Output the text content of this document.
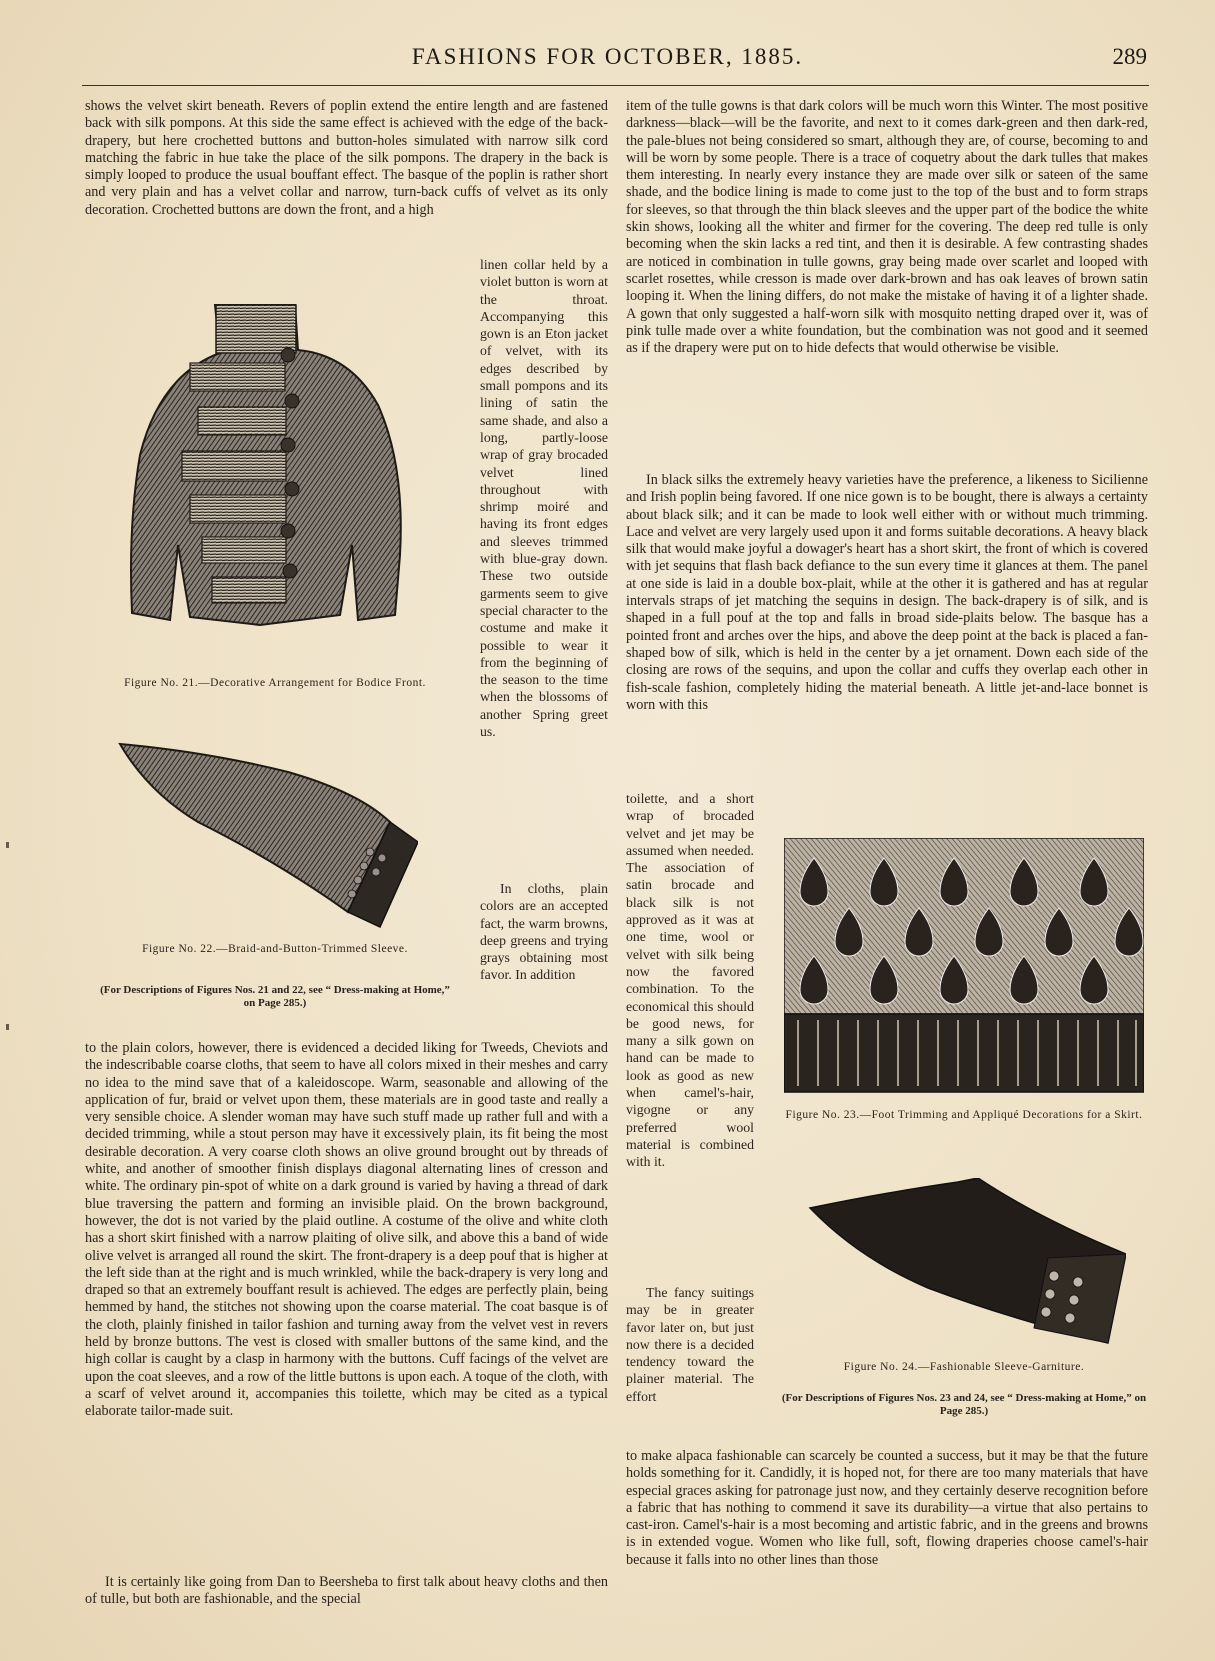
FASHIONS FOR OCTOBER, 1885.	289

shows the velvet skirt beneath. Revers of poplin extend the entire length and are fastened back with silk pompons. At this side the same effect is achieved with the edge of the back-drapery, but here crochetted buttons and button-holes simulated with narrow silk cord matching the fabric in hue take the place of the silk pompons. The drapery in the back is simply looped to produce the usual bouffant effect. The basque of the poplin is rather short and very plain and has a velvet collar and narrow, turn-back cuffs of velvet as its only decoration. Crochetted buttons are down the front, and a high

linen collar held by a violet button is worn at the throat. Accompanying this gown is an Eton jacket of velvet, with its edges described by small pompons and its lining of satin the same shade, and also a long, partly-loose wrap of gray brocaded velvet lined throughout with shrimp moiré and having its front edges and sleeves trimmed with blue-gray down. These two outside garments seem to give special character to the costume and make it possible to wear it from the beginning of the season to the time when the blossoms of another Spring greet us.

In cloths, plain colors are an accepted fact, the warm browns, deep greens and trying grays obtaining most favor. In addition

Figure No. 21.—Decorative Arrangement for Bodice Front.
Figure No. 22.—Braid-and-Button-Trimmed Sleeve.
(For Descriptions of Figures Nos. 21 and 22, see “ Dress-making at Home,” on Page 285.)

to the plain colors, however, there is evidenced a decided liking for Tweeds, Cheviots and the indescribable coarse cloths, that seem to have all colors mixed in their meshes and carry no idea to the mind save that of a kaleidoscope. Warm, seasonable and allowing of the application of fur, braid or velvet upon them, these materials are in good taste and really a very sensible choice. A slender woman may have such stuff made up rather full and with a decided trimming, while a stout person may have it excessively plain, its fit being the most desirable decoration. A very coarse cloth shows an olive ground brought out by threads of white, and another of smoother finish displays diagonal alternating lines of cresson and white. The ordinary pin-spot of white on a dark ground is varied by having a thread of dark blue traversing the pattern and forming an invisible plaid. On the brown background, however, the dot is not varied by the plaid outline. A costume of the olive and white cloth has a short skirt finished with a narrow plaiting of olive silk, and above this a band of wide olive velvet is arranged all round the skirt. The front-drapery is a deep pouf that is higher at the left side than at the right and is much wrinkled, while the back-drapery is very long and draped so that an extremely bouffant result is achieved. The edges are perfectly plain, being hemmed by hand, the stitches not showing upon the coarse material. The coat basque is of the cloth, plainly finished in tailor fashion and turning away from the velvet vest in revers held by bronze buttons. The vest is closed with smaller buttons of the same kind, and the high collar is caught by a clasp in harmony with the buttons. Cuff facings of the velvet are upon the coat sleeves, and a row of the little buttons is upon each. A toque of the cloth, with a scarf of velvet around it, accompanies this toilette, which may be cited as a typical elaborate tailor-made suit.

It is certainly like going from Dan to Beersheba to first talk about heavy cloths and then of tulle, but both are fashionable, and the special

item of the tulle gowns is that dark colors will be much worn this Winter. The most positive darkness—black—will be the favorite, and next to it comes dark-green and then dark-red, the pale-blues not being considered so smart, although they are, of course, becoming to and will be worn by some people. There is a trace of coquetry about the dark tulles that makes them interesting. In nearly every instance they are made over silk or sateen of the same shade, and the bodice lining is made to come just to the top of the bust and to form straps for sleeves, so that through the thin black sleeves and the upper part of the bodice the white skin shows, looking all the whiter and firmer for the covering. The deep red tulle is only becoming when the skin lacks a red tint, and then it is desirable. A few contrasting shades are noticed in combination in tulle gowns, gray being made over scarlet and looped with scarlet rosettes, while cresson is made over dark-brown and has oak leaves of brown satin looping it. When the lining differs, do not make the mistake of having it of a lighter shade. A gown that only suggested a half-worn silk with mosquito netting draped over it, was of pink tulle made over a white foundation, but the combination was not good and it seemed as if the drapery were put on to hide defects that would otherwise be visible.

In black silks the extremely heavy varieties have the preference, a likeness to Sicilienne and Irish poplin being favored. If one nice gown is to be bought, there is always a certainty about black silk; and it can be made to look well either with or without much trimming. Lace and velvet are very largely used upon it and forms suitable decorations. A heavy black silk that would make joyful a dowager's heart has a short skirt, the front of which is covered with jet sequins that flash back defiance to the sun every time it glances at them. The panel at one side is laid in a double box-plait, while at the other it is gathered and has at regular intervals straps of jet matching the sequins in design. The back-drapery is of silk, and is shaped in a full pouf at the top and falls in broad side-plaits below. The basque has a pointed front and arches over the hips, and above the deep point at the back is placed a fan-shaped bow of silk, which is held in the center by a jet ornament. Down each side of the closing are rows of the sequins, and upon the collar and cuffs they overlap each other in fish-scale fashion, completely hiding the material beneath. A little jet-and-lace bonnet is worn with this

toilette, and a short wrap of brocaded velvet and jet may be assumed when needed. The association of satin brocade and black silk is not approved as it was at one time, wool or velvet with silk being now the favored combination. To the economical this should be good news, for many a silk gown on hand can be made to look as good as new when camel's-hair, vigogne or any preferred wool material is combined with it.

The fancy suitings may be in greater favor later on, but just now there is a decided tendency toward the plainer material. The effort

Figure No. 23.—Foot Trimming and Appliqué Decorations for a Skirt.
Figure No. 24.—Fashionable Sleeve-Garniture.
(For Descriptions of Figures Nos. 23 and 24, see “ Dress-making at Home,” on Page 285.)

to make alpaca fashionable can scarcely be counted a success, but it may be that the future holds something for it. Candidly, it is hoped not, for there are too many materials that have especial graces asking for patronage just now, and they certainly deserve recognition before a fabric that has nothing to commend it save its durability—a virtue that also pertains to cast-iron. Camel's-hair is a most becoming and artistic fabric, and in the greens and browns is in extended vogue. Women who like full, soft, flowing draperies choose camel's-hair because it falls into no other lines than those
